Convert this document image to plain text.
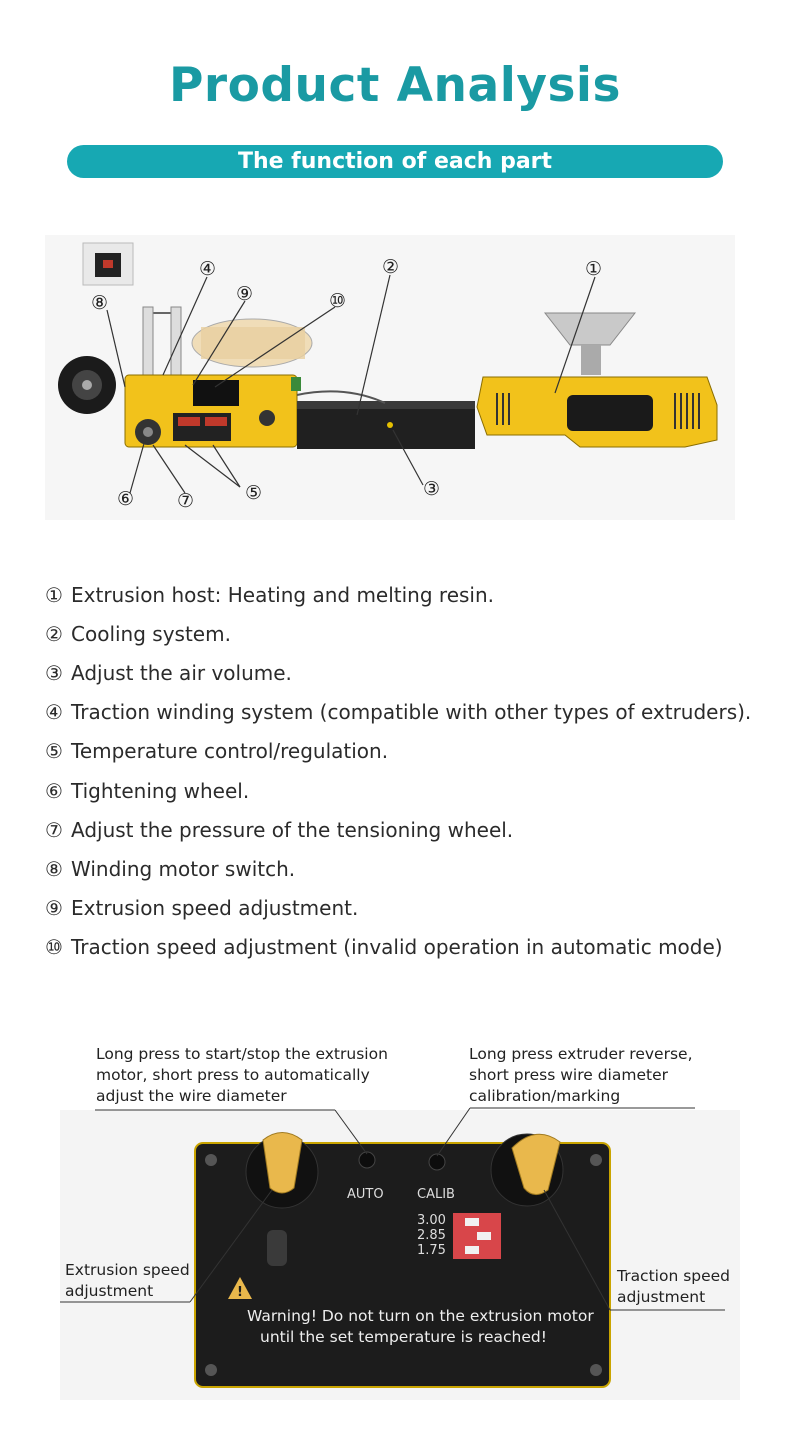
Product Analysis
The function of each part
④	②	①
⑨	⑩
⑧
⑥ ⑦	⑤	③
① Extrusion host: Heating and melting resin.
② Cooling system.
③ Adjust the air volume.
④ Traction winding system (compatible with other types of extruders).
⑤ Temperature control/regulation.
⑥ Tightening wheel.
⑦ Adjust the pressure of the tensioning wheel.
⑧ Winding motor switch.
⑨ Extrusion speed adjustment.
⑩ Traction speed adjustment (invalid operation in automatic mode)
AUTO	CALIB
3.00
2.85
1.75
!
Warning! Do not turn on the extrusion motor
until the set temperature is reached!
Long press to start/stop the extrusion
motor, short press to automatically
adjust the wire diameter
Long press extruder reverse,
short press wire diameter
calibration/marking
Extrusion speed
adjustment
Traction speed
adjustment
